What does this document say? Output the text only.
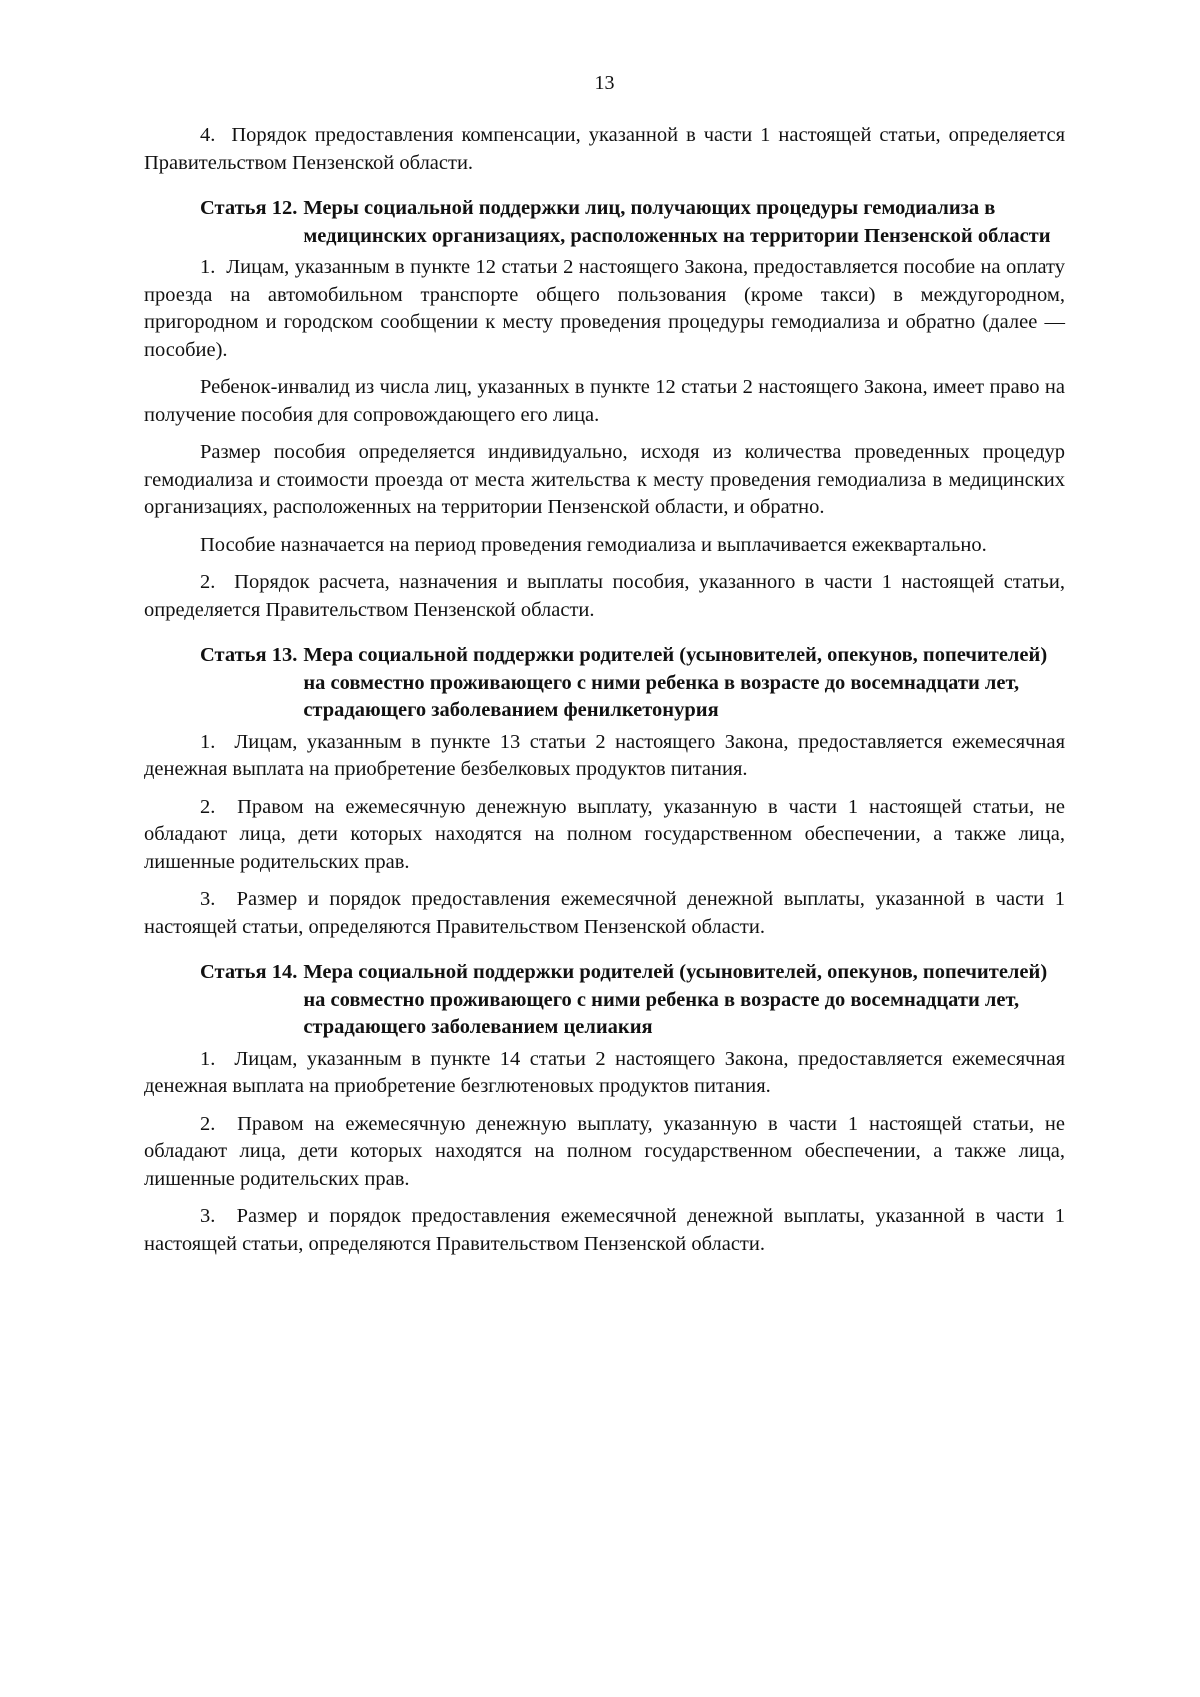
13

4.  Порядок предоставления компенсации, указанной в части 1 настоящей статьи, определяется Правительством Пензенской области.

Статья 12. Меры социальной поддержки лиц, получающих процедуры гемодиализа в медицинских организациях, расположенных на территории Пензенской области

1.  Лицам, указанным в пункте 12 статьи 2 настоящего Закона, предоставляется пособие на оплату проезда на автомобильном транспорте общего пользования (кроме такси) в междугородном, пригородном и городском сообщении к месту проведения процедуры гемодиализа и обратно (далее — пособие).

Ребенок-инвалид из числа лиц, указанных в пункте 12 статьи 2 настоящего Закона, имеет право на получение пособия для сопровождающего его лица.

Размер пособия определяется индивидуально, исходя из количества проведенных процедур гемодиализа и стоимости проезда от места жительства к месту проведения гемодиализа в медицинских организациях, расположенных на территории Пензенской области, и обратно.

Пособие назначается на период проведения гемодиализа и выплачивается ежеквартально.

2.  Порядок расчета, назначения и выплаты пособия, указанного в части 1 настоящей статьи, определяется Правительством Пензенской области.

Статья 13. Мера социальной поддержки родителей (усыновителей, опекунов, попечителей) на совместно проживающего с ними ребенка в возрасте до восемнадцати лет, страдающего заболеванием фенилкетонурия

1.  Лицам, указанным в пункте 13 статьи 2 настоящего Закона, предоставляется ежемесячная денежная выплата на приобретение безбелковых продуктов питания.

2.  Правом на ежемесячную денежную выплату, указанную в части 1 настоящей статьи, не обладают лица, дети которых находятся на полном государственном обеспечении, а также лица, лишенные родительских прав.

3.  Размер и порядок предоставления ежемесячной денежной выплаты, указанной в части 1 настоящей статьи, определяются Правительством Пензенской области.

Статья 14. Мера социальной поддержки родителей (усыновителей, опекунов, попечителей) на совместно проживающего с ними ребенка в возрасте до восемнадцати лет, страдающего заболеванием целиакия

1.  Лицам, указанным в пункте 14 статьи 2 настоящего Закона, предоставляется ежемесячная денежная выплата на приобретение безглютеновых продуктов питания.

2.  Правом на ежемесячную денежную выплату, указанную в части 1 настоящей статьи, не обладают лица, дети которых находятся на полном государственном обеспечении, а также лица, лишенные родительских прав.

3.  Размер и порядок предоставления ежемесячной денежной выплаты, указанной в части 1 настоящей статьи, определяются Правительством Пензенской области.
